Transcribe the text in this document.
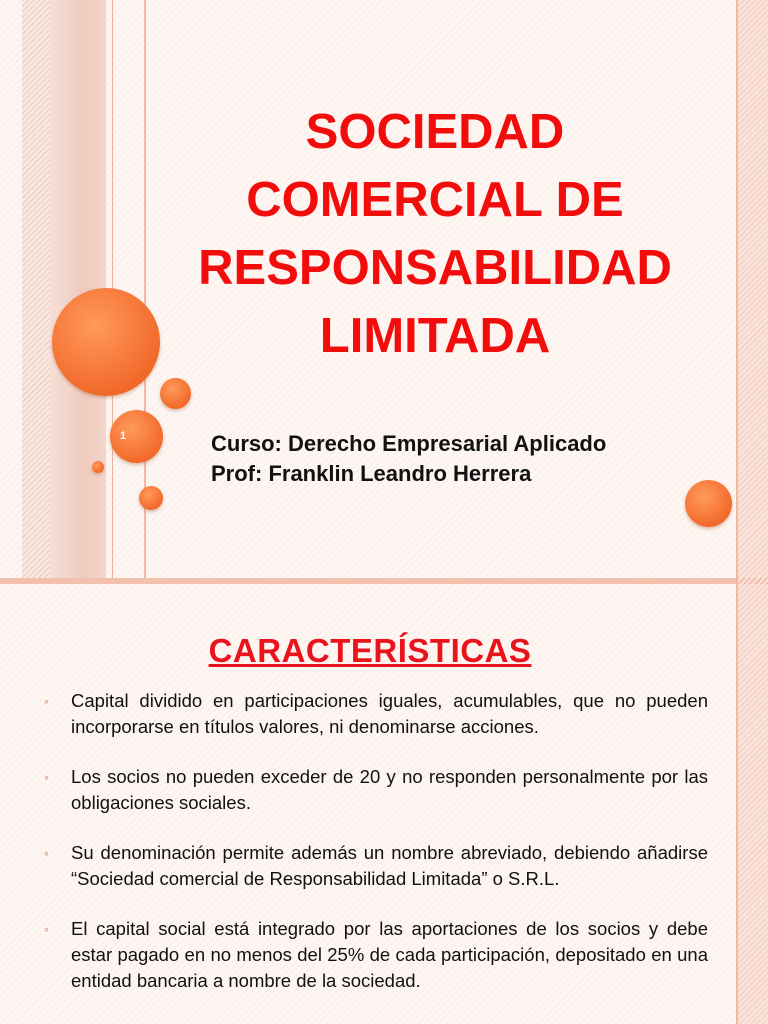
1
SOCIEDAD
COMERCIAL DE
RESPONSABILIDAD
LIMITADA
Curso: Derecho Empresarial Aplicado
Prof: Franklin Leandro Herrera
CARACTERÍSTICAS
◦ Capital dividido en participaciones iguales, acumulables, que no pueden incorporarse en títulos valores, ni denominarse acciones.
◦ Los socios no pueden exceder de 20 y no responden personalmente por las obligaciones sociales.
◦ Su denominación permite además un nombre abreviado, debiendo añadirse “Sociedad comercial de Responsabilidad Limitada” o S.R.L.
◦ El capital social está integrado por las aportaciones de los socios y debe estar pagado en no menos del 25% de cada participación, depositado en una entidad bancaria a nombre de la sociedad.
